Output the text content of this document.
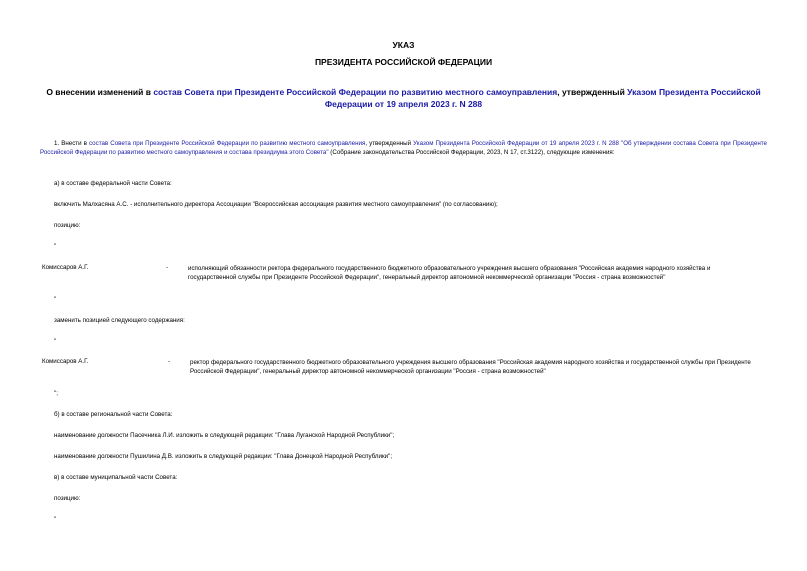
УКАЗ
ПРЕЗИДЕНТА РОССИЙСКОЙ ФЕДЕРАЦИИ
О внесении изменений в состав Совета при Президенте Российской Федерации по развитию местного самоуправления, утвержденный Указом Президента Российской Федерации от 19 апреля 2023 г. N 288
1. Внести в состав Совета при Президенте Российской Федерации по развитию местного самоуправления, утвержденный Указом Президента Российской Федерации от 19 апреля 2023 г. N 288 "Об утверждении состава Совета при Президенте Российской Федерации по развитию местного самоуправления и состава президиума этого Совета" (Собрание законодательства Российской Федерации, 2023, N 17, ст.3122), следующие изменения:
а) в составе федеральной части Совета:
включить Малхасяна А.С. - исполнительного директора Ассоциации "Всероссийская ассоциация развития местного самоуправления" (по согласованию);
позицию:
"
Комиссаров А.Г.	-	исполняющий обязанности ректора федерального государственного бюджетного образовательного учреждения высшего образования "Российская академия народного хозяйства и государственной службы при Президенте Российской Федерации", генеральный директор автономной некоммерческой организации "Россия - страна возможностей"
"
заменить позицией следующего содержания:
"
Комиссаров А.Г.	-	ректор федерального государственного бюджетного образовательного учреждения высшего образования "Российская академия народного хозяйства и государственной службы при Президенте Российской Федерации", генеральный директор автономной некоммерческой организации "Россия - страна возможностей"
";
б) в составе региональной части Совета:
наименование должности Пасечника Л.И. изложить в следующей редакции: "Глава Луганской Народной Республики";
наименование должности Пушилина Д.В. изложить в следующей редакции: "Глава Донецкой Народной Республики";
в) в составе муниципальной части Совета:
позицию:
"
